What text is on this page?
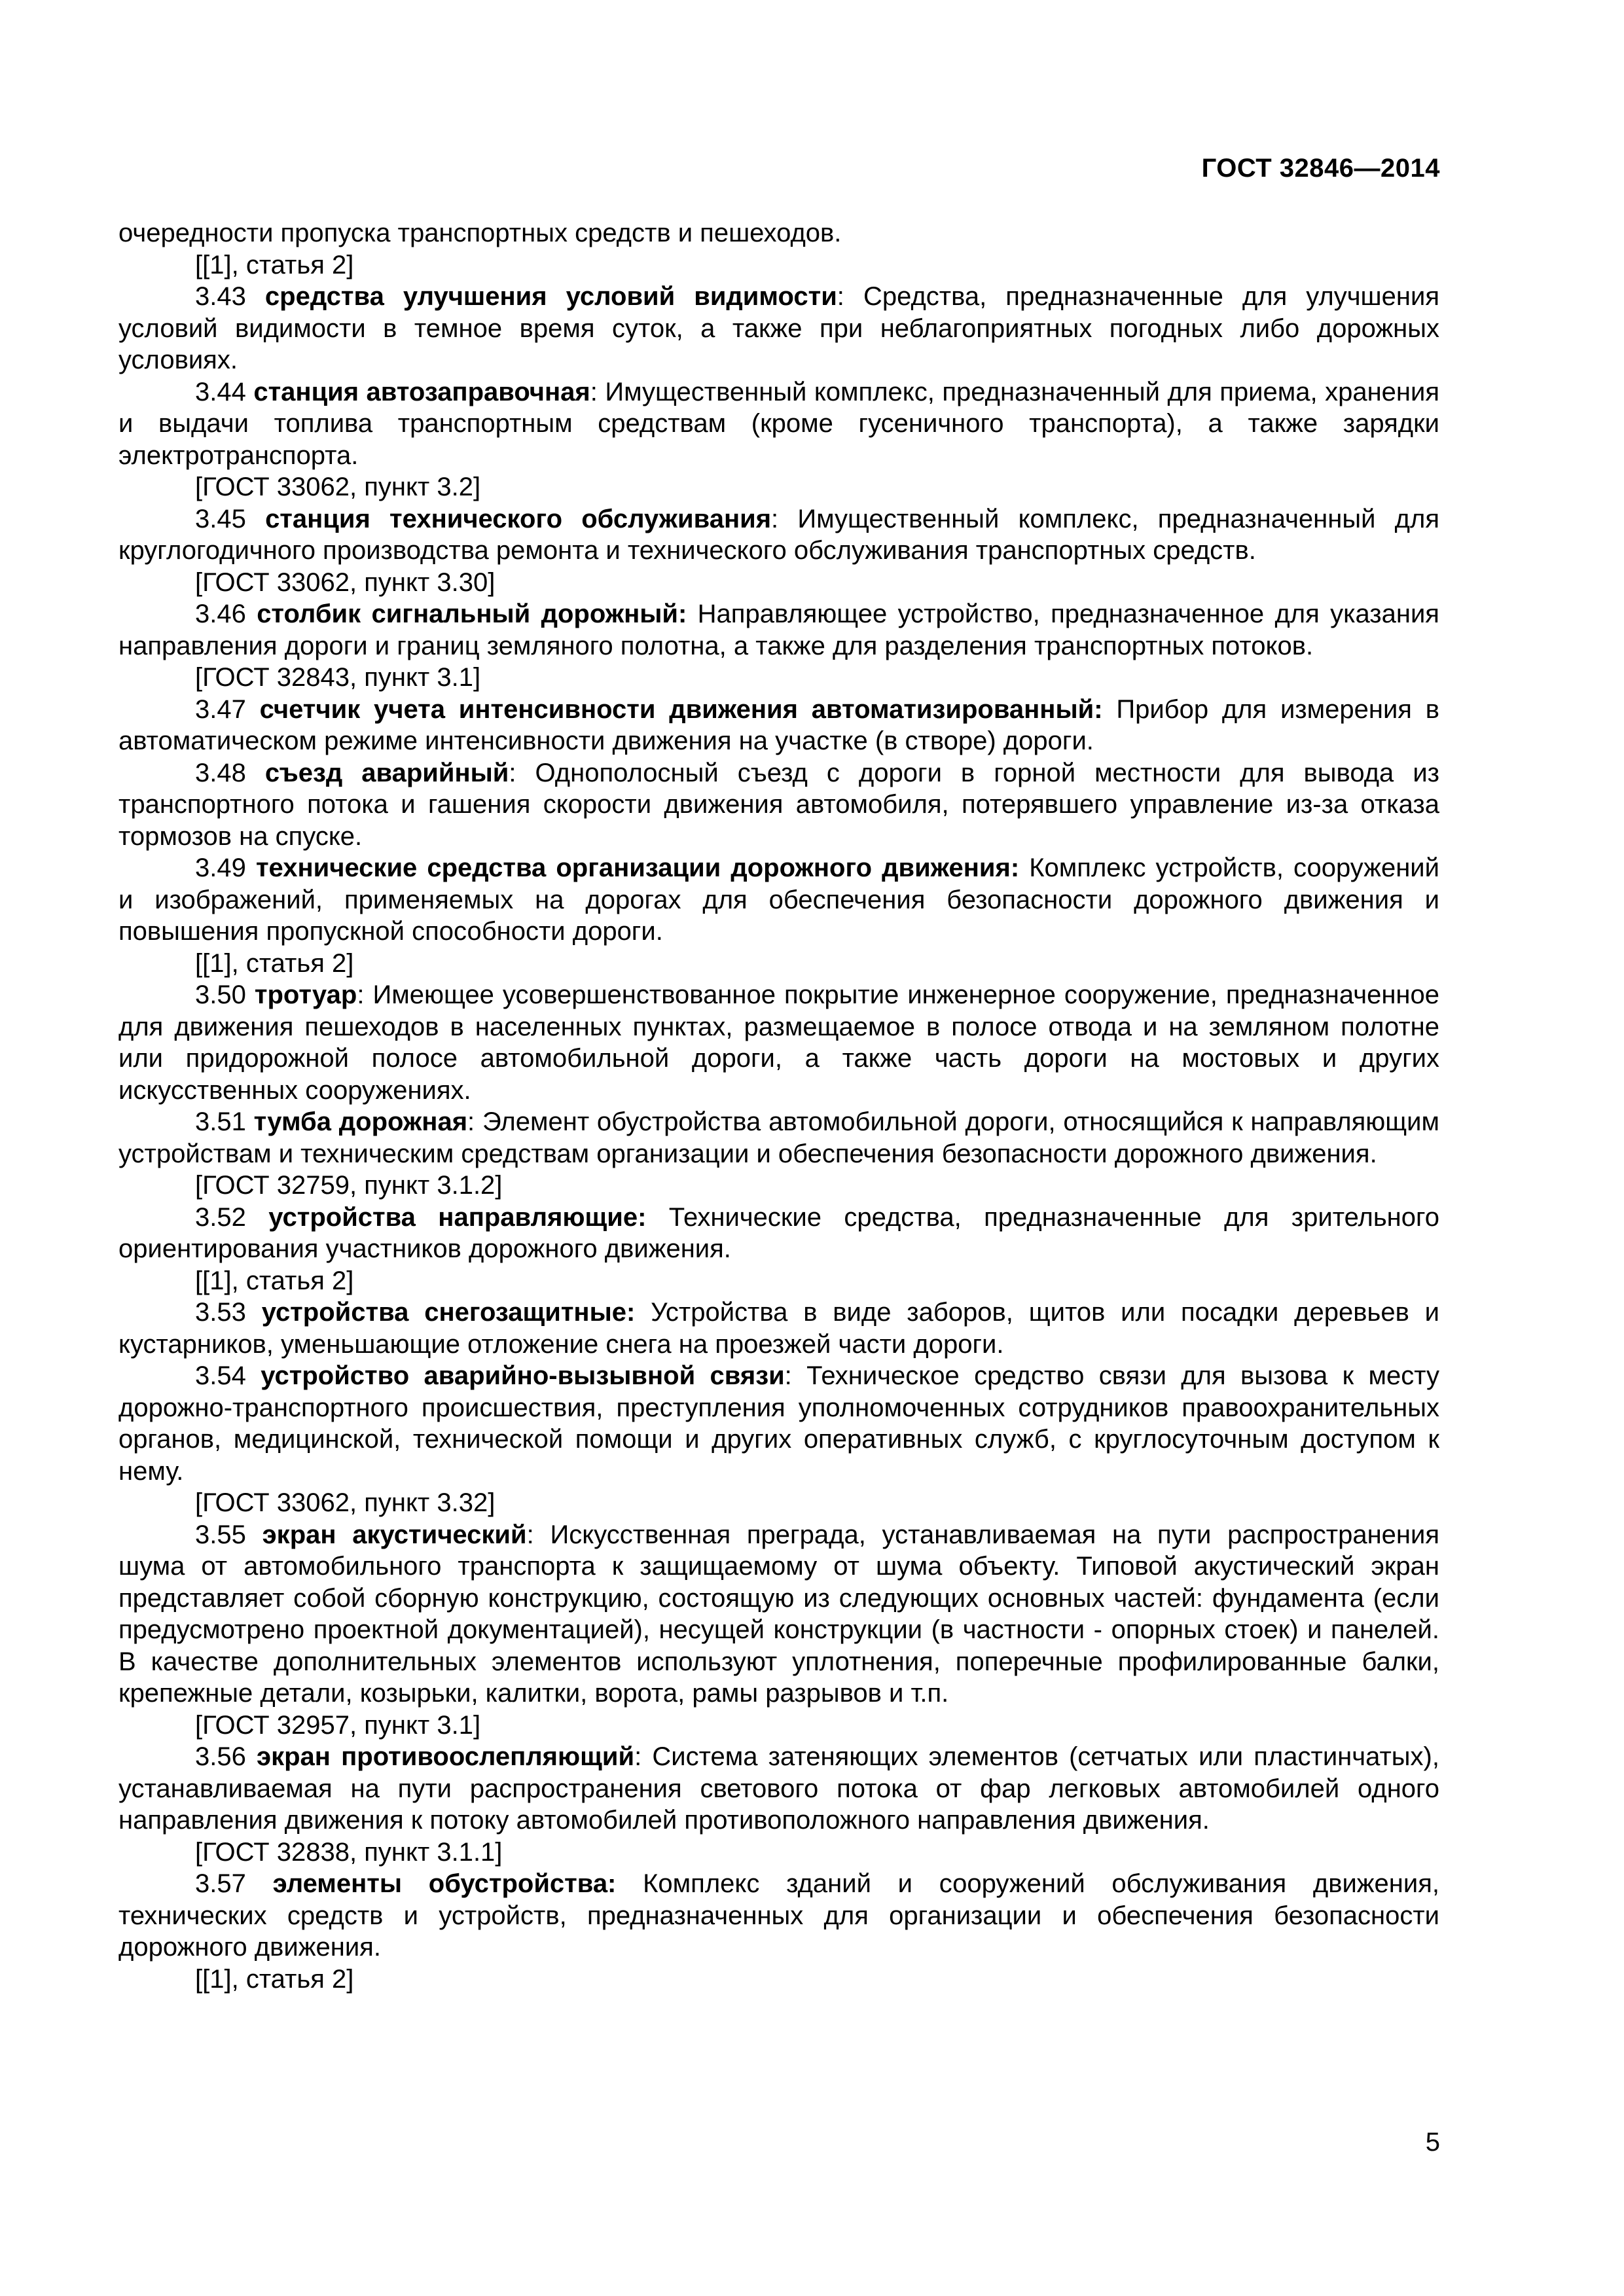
ГОСТ 32846—2014

очередности пропуска транспортных средств и пешеходов.

[[1], статья 2]

3.43 средства улучшения условий видимости: Средства, предназначенные для улучшения условий видимости в темное время суток, а также при неблагоприятных погодных либо дорожных условиях.

3.44 станция автозаправочная: Имущественный комплекс, предназначенный для приема, хранения и выдачи топлива транспортным средствам (кроме гусеничного транспорта), а также зарядки электротранспорта.

[ГОСТ 33062, пункт 3.2]

3.45 станция технического обслуживания: Имущественный комплекс, предназначенный для круглогодичного производства ремонта и технического обслуживания транспортных средств.

[ГОСТ 33062, пункт 3.30]

3.46 столбик сигнальный дорожный: Направляющее устройство, предназначенное для указания направления дороги и границ земляного полотна, а также для разделения транспортных потоков.

[ГОСТ 32843, пункт 3.1]

3.47 счетчик учета интенсивности движения автоматизированный: Прибор для измерения в автоматическом режиме интенсивности движения на участке (в створе) дороги.

3.48 съезд аварийный: Однополосный съезд с дороги в горной местности для вывода из транспортного потока и гашения скорости движения автомобиля, потерявшего управление из-за отказа тормозов на спуске.

3.49 технические средства организации дорожного движения: Комплекс устройств, сооружений и изображений, применяемых на дорогах для обеспечения безопасности дорожного движения и повышения пропускной способности дороги.

[[1], статья 2]

3.50 тротуар: Имеющее усовершенствованное покрытие инженерное сооружение, предназначенное для движения пешеходов в населенных пунктах, размещаемое в полосе отвода и на земляном полотне или придорожной полосе автомобильной дороги, а также часть дороги на мостовых и других искусственных сооружениях.

3.51 тумба дорожная: Элемент обустройства автомобильной дороги, относящийся к направляющим устройствам и техническим средствам организации и обеспечения безопасности дорожного движения.

[ГОСТ 32759, пункт 3.1.2]

3.52 устройства направляющие: Технические средства, предназначенные для зрительного ориентирования участников дорожного движения.

[[1], статья 2]

3.53 устройства снегозащитные: Устройства в виде заборов, щитов или посадки деревьев и кустарников, уменьшающие отложение снега на проезжей части дороги.

3.54 устройство аварийно-вызывной связи: Техническое средство связи для вызова к месту дорожно-транспортного происшествия, преступления уполномоченных сотрудников правоохранительных органов, медицинской, технической помощи и других оперативных служб, с круглосуточным доступом к нему.

[ГОСТ 33062, пункт 3.32]

3.55 экран акустический: Искусственная преграда, устанавливаемая на пути распространения шума от автомобильного транспорта к защищаемому от шума объекту. Типовой акустический экран представляет собой сборную конструкцию, состоящую из следующих основных частей: фундамента (если предусмотрено проектной документацией), несущей конструкции (в частности - опорных стоек) и панелей. В качестве дополнительных элементов используют уплотнения, поперечные профилированные балки, крепежные детали, козырьки, калитки, ворота, рамы разрывов и т.п.

[ГОСТ 32957, пункт 3.1]

3.56 экран противоослепляющий: Система затеняющих элементов (сетчатых или пластинчатых), устанавливаемая на пути распространения светового потока от фар легковых автомобилей одного направления движения к потоку автомобилей противоположного направления движения.

[ГОСТ 32838, пункт 3.1.1]

3.57 элементы обустройства: Комплекс зданий и сооружений обслуживания движения, технических средств и устройств, предназначенных для организации и обеспечения безопасности дорожного движения.

[[1], статья 2]

5
